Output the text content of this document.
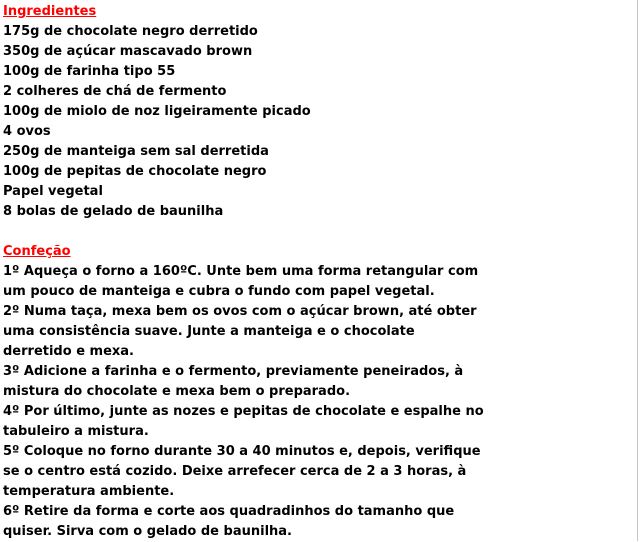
Ingredientes
175g de chocolate negro derretido
350g de açúcar mascavado brown
100g de farinha tipo 55
2 colheres de chá de fermento
100g de miolo de noz ligeiramente picado
4 ovos
250g de manteiga sem sal derretida
100g de pepitas de chocolate negro
Papel vegetal
8 bolas de gelado de baunilha
Confeção
1º Aqueça o forno a 160ºC. Unte bem uma forma retangular com
um pouco de manteiga e cubra o fundo com papel vegetal.
2º Numa taça, mexa bem os ovos com o açúcar brown, até obter
uma consistência suave. Junte a manteiga e o chocolate
derretido e mexa.
3º Adicione a farinha e o fermento, previamente peneirados, à
mistura do chocolate e mexa bem o preparado.
4º Por último, junte as nozes e pepitas de chocolate e espalhe no
tabuleiro a mistura.
5º Coloque no forno durante 30 a 40 minutos e, depois, verifique
se o centro está cozido. Deixe arrefecer cerca de 2 a 3 horas, à
temperatura ambiente.
6º Retire da forma e corte aos quadradinhos do tamanho que
quiser. Sirva com o gelado de baunilha.
